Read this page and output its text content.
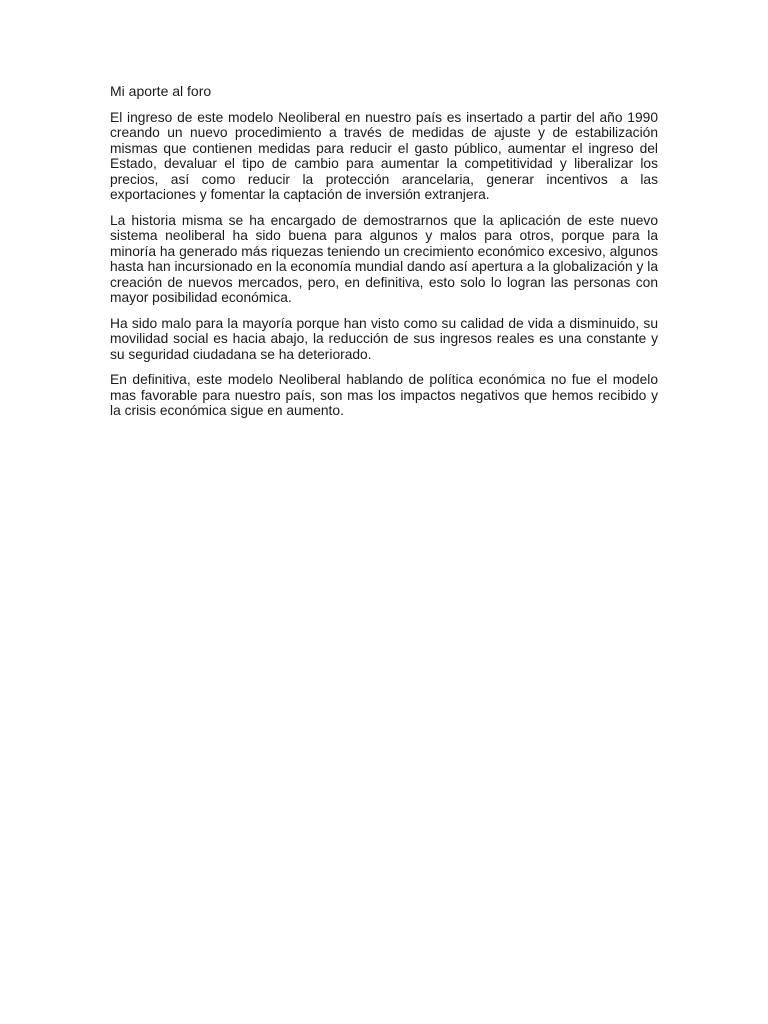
Mi aporte al foro

El ingreso de este modelo Neoliberal en nuestro país es insertado a partir del año 1990 creando un nuevo procedimiento a través de medidas de ajuste y de estabilización mismas que contienen medidas para reducir el gasto público, aumentar el ingreso del Estado, devaluar el tipo de cambio para aumentar la competitividad y liberalizar los precios, así como reducir la protección arancelaria, generar incentivos a las exportaciones y fomentar la captación de inversión extranjera.

La historia misma se ha encargado de demostrarnos que la aplicación de este nuevo sistema neoliberal ha sido buena para algunos y malos para otros, porque para la minoría ha generado más riquezas teniendo un crecimiento económico excesivo, algunos hasta han incursionado en la economía mundial dando así apertura a la globalización y la creación de nuevos mercados, pero, en definitiva, esto solo lo logran las personas con mayor posibilidad económica.

Ha sido malo para la mayoría porque han visto como su calidad de vida a disminuido, su movilidad social es hacia abajo, la reducción de sus ingresos reales es una constante y su seguridad ciudadana se ha deteriorado.

En definitiva, este modelo Neoliberal hablando de política económica no fue el modelo mas favorable para nuestro país, son mas los impactos negativos que hemos recibido y la crisis económica sigue en aumento.
